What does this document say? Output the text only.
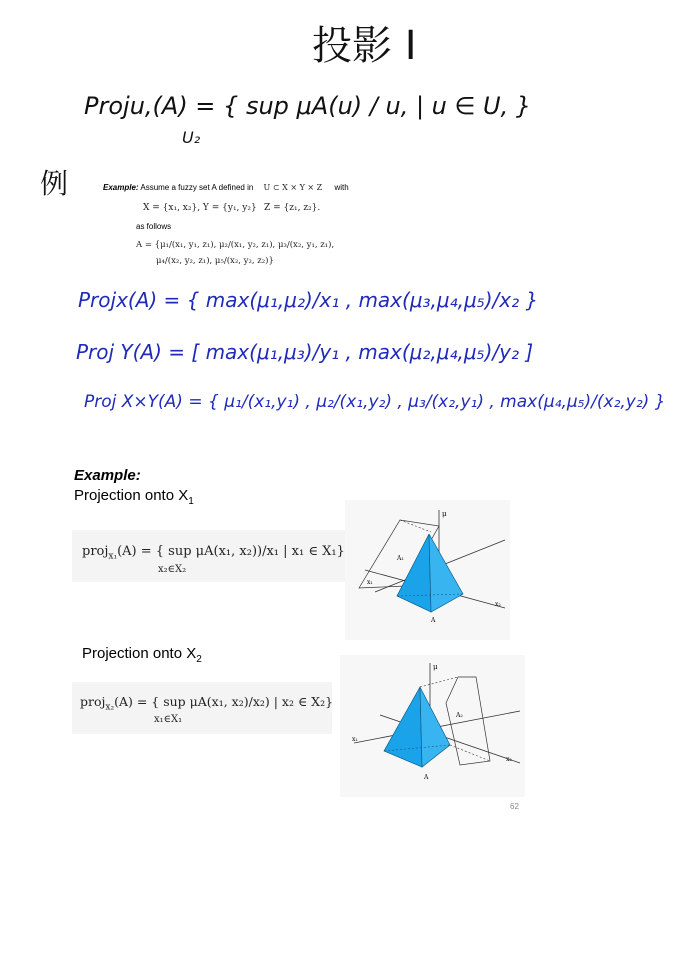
投影 I
Proju,(A) = { sup μA(u) / u, | u ∈ U, }
U₂
例	Example: Assume a fuzzy set A defined in U ⊂ X × Y × Z with
X = {x₁, x₂}, Y = {y₁, y₂} Z = {z₁, z₂}.
as follows
A = {μ₁/(x₁, y₁, z₁), μ₂/(x₁, y₂, z₁), μ₃/(x₂, y₁, z₁),
μ₄/(x₂, y₂, z₁), μ₅/(x₂, y₂, z₂)}
Projx(A) = { max(μ₁,μ₂)/x₁ , max(μ₃,μ₄,μ₅)/x₂ }
Proj Y(A) = [ max(μ₁,μ₃)/y₁ , max(μ₂,μ₄,μ₅)/y₂ ]
Proj X×Y(A) = { μ₁/(x₁,y₁) , μ₂/(x₁,y₂) , μ₃/(x₂,y₁) , max(μ₄,μ₅)/(x₂,y₂) }
Example:
Projection onto $X_1$
proj$_{x_1}$(A) = { sup μA(x₁, x₂))/x₁ | x₁ ∈ X₁}
x₂∈X₂
μ
A₁
A
x₁
x₂
Projection onto $X_2$
proj$_{x_2}$(A) = { sup μA(x₁, x₂)/x₂) | x₂ ∈ X₂}
x₁∈X₁
μ
A₂
A
x₁
x₂
62
